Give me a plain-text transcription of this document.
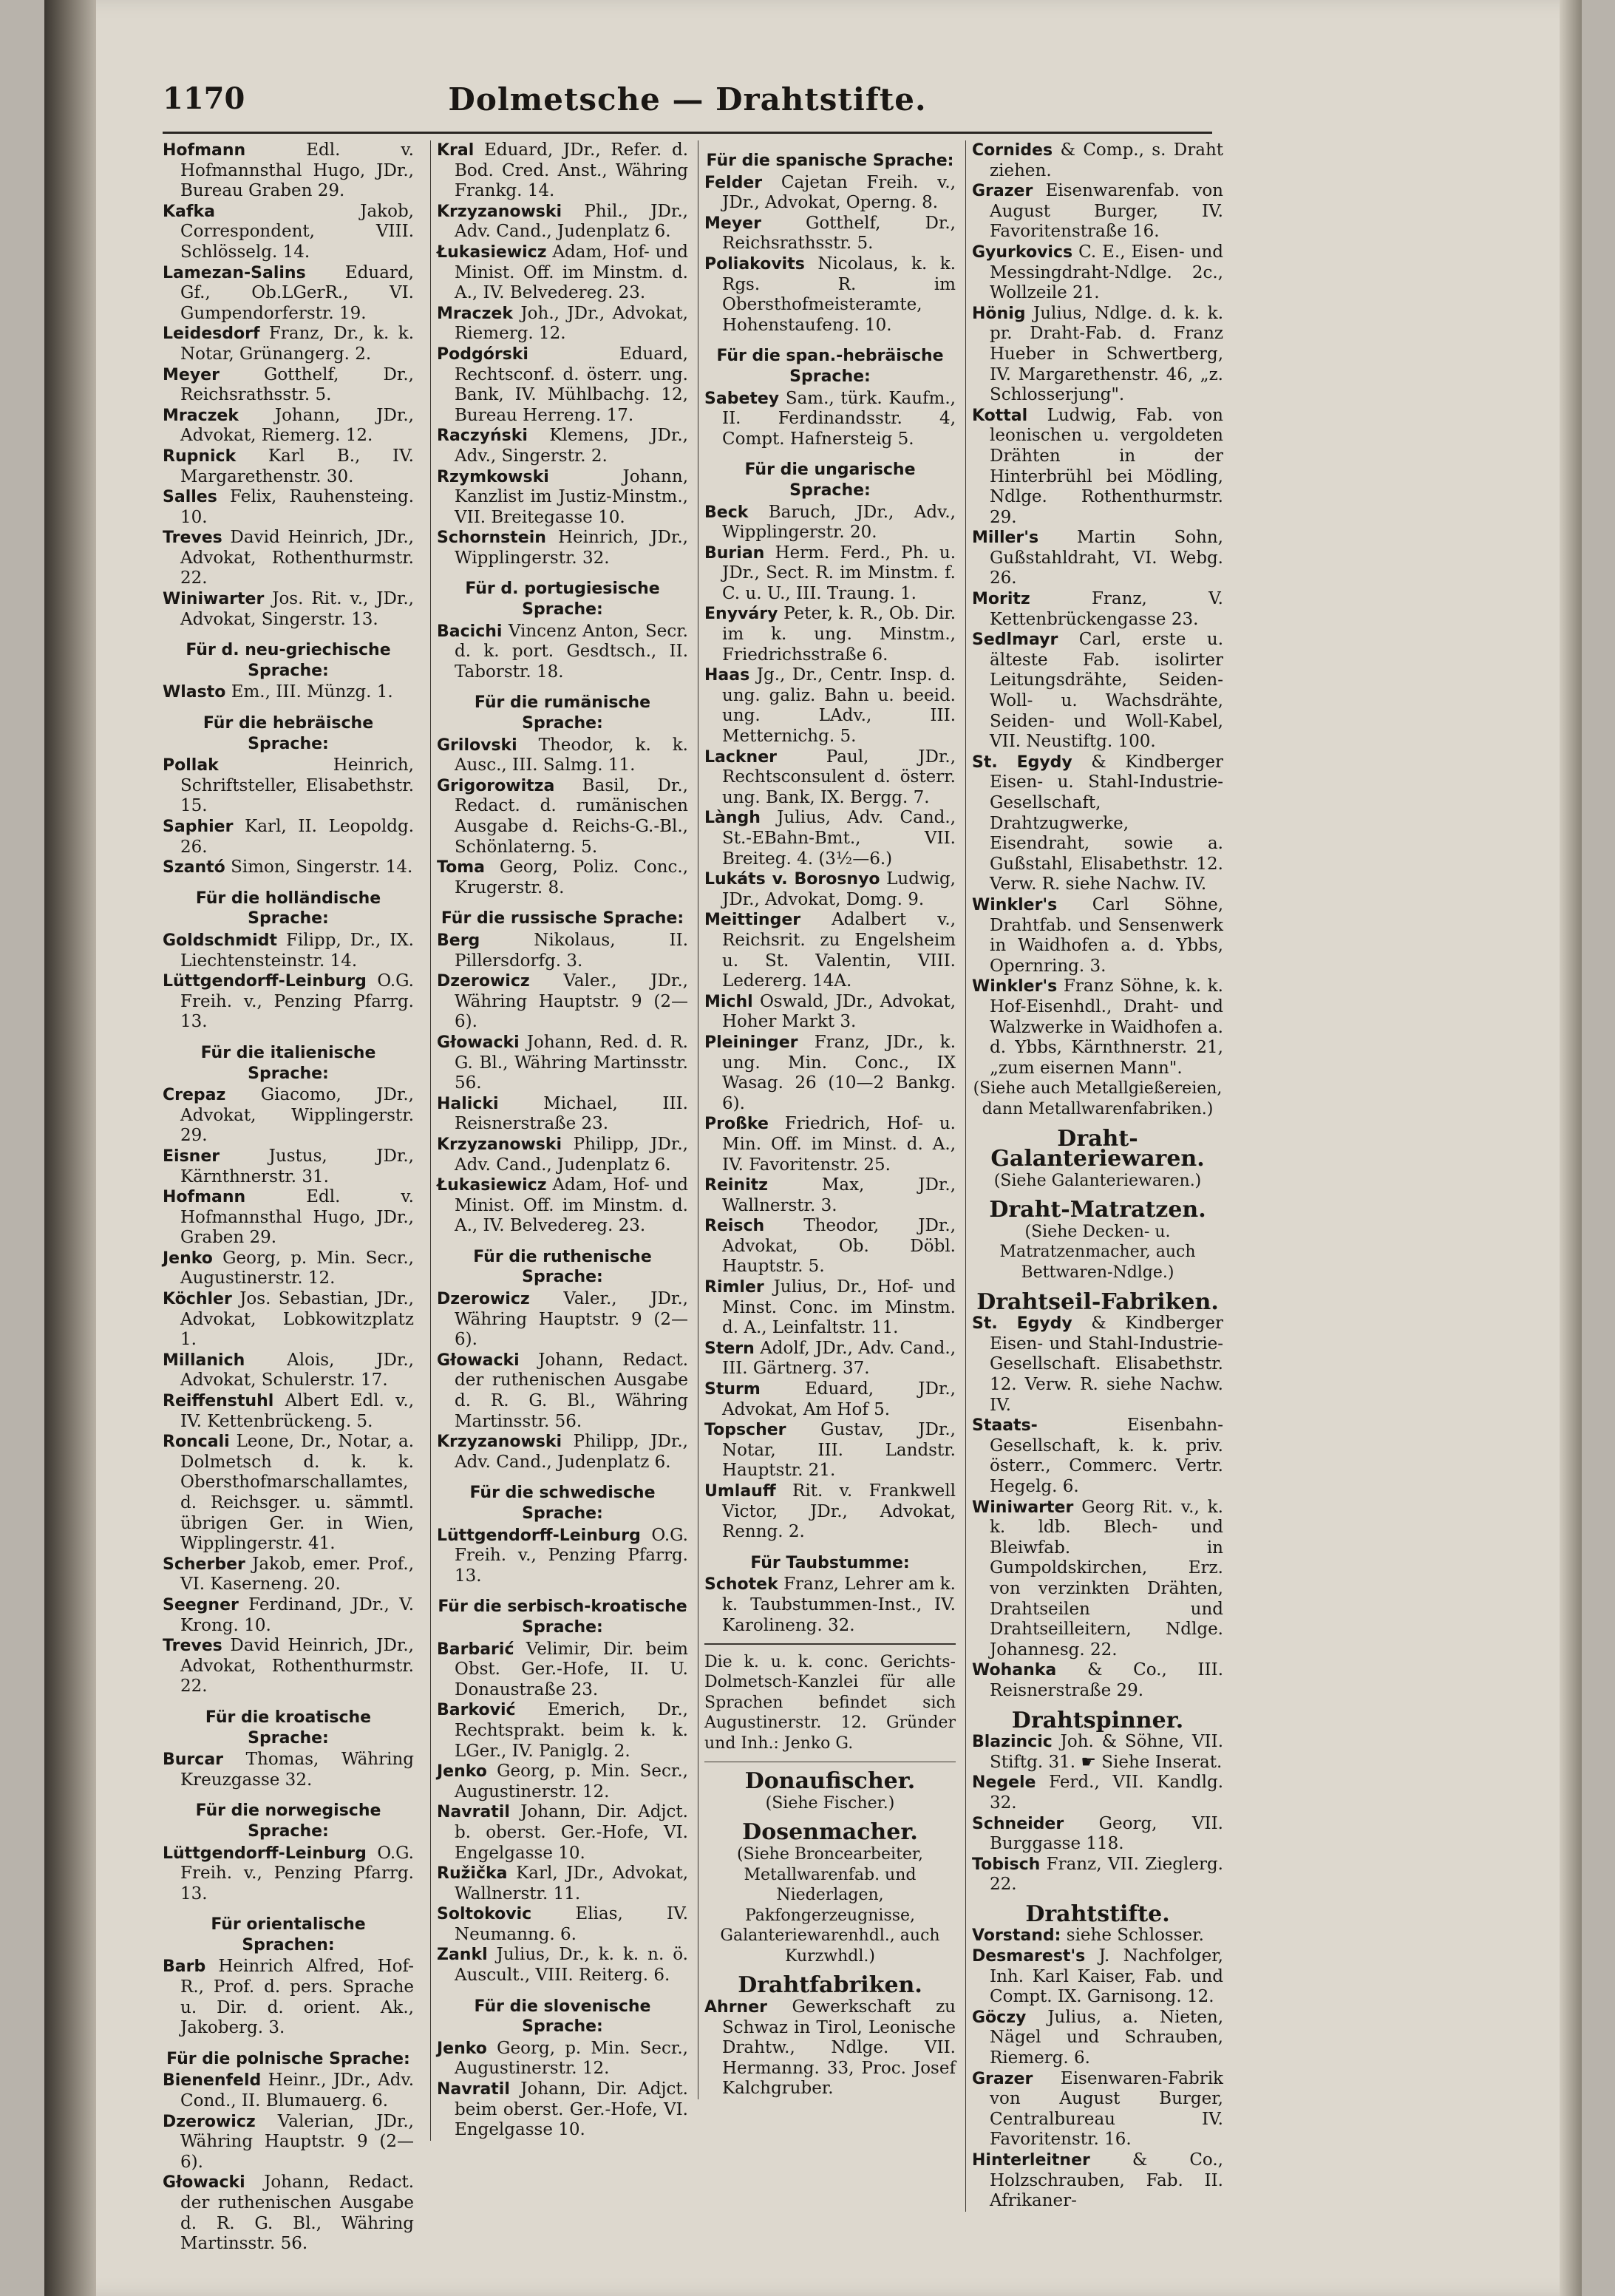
1170	Dolmetsche — Drahtstifte.
Hofmann	Edl. v. Hofmannsthal Hugo, JDr., Bureau Graben 29.
Kafka	Jakob, Correspondent, VIII. Schlösselg. 14.
Lamezan-Salins Eduard, Gf., Ob.LGerR., VI. Gumpendorferstr. 19.
Leidesdorf Franz, Dr., k. k. Notar, Grünangerg. 2.
Meyer	Gotthelf, Dr., Reichsrathsstr. 5.
Mraczek Johann, JDr., Advokat, Riemerg. 12.
Rupnick Karl B., IV. Margarethenstr. 30.
Salles Felix, Rauhensteing. 10.
Treves David Heinrich, JDr., Advokat, Rothenthurmstr. 22.
Winiwarter Jos. Rit. v., JDr., Advokat, Singerstr. 13.
Für d. neu-griechische Sprache:
Wlasto Em., III. Münzg. 1.
Für die hebräische Sprache:
Pollak	Heinrich, Schriftsteller, Elisabethstr. 15.
Saphier Karl, II. Leopoldg. 26.
Szantó Simon, Singerstr. 14.
Für die holländische Sprache:
Goldschmidt Filipp, Dr., IX. Liechtensteinstr. 14.
Lüttgendorff-Leinburg O.G. Freih. v., Penzing Pfarrg. 13.
Für die italienische Sprache:
Crepaz Giacomo, JDr., Advokat, Wipplingerstr. 29.
Eisner	Justus, JDr., Kärnthnerstr. 31.
Hofmann	Edl. v. Hofmannsthal Hugo, JDr., Graben 29.
Jenko Georg, p. Min. Secr., Augustinerstr. 12.
Köchler Jos. Sebastian, JDr., Advokat, Lobkowitzplatz 1.
Millanich Alois, JDr., Advokat, Schulerstr. 17.
Reiffenstuhl Albert Edl. v., IV. Kettenbrückeng. 5.
Roncali Leone, Dr., Notar, a. Dolmetsch d. k. k. Obersthofmarschallamtes, d. Reichsger. u. sämmtl. übrigen Ger. in Wien, Wipplingerstr. 41.
Scherber Jakob, emer. Prof., VI. Kaserneng. 20.
Seegner Ferdinand, JDr., V. Krong. 10.
Treves David Heinrich, JDr., Advokat, Rothenthurmstr. 22.
Für die kroatische Sprache:
Burcar Thomas, Währing Kreuzgasse 32.
Für die norwegische Sprache:
Lüttgendorff-Leinburg O.G. Freih. v., Penzing Pfarrg. 13.
Für orientalische Sprachen:
Barb Heinrich Alfred, Hof-R., Prof. d. pers. Sprache u. Dir. d. orient. Ak., Jakoberg. 3.
Für die polnische Sprache:
Bienenfeld Heinr., JDr., Adv. Cond., II. Blumauerg. 6.
Dzerowicz Valerian, JDr., Währing Hauptstr. 9 (2—6).
Głowacki Johann, Redact. der ruthenischen Ausgabe d. R. G. Bl., Währing Martinsstr. 56.
Kral Eduard, JDr., Refer. d. Bod. Cred. Anst., Währing Frankg. 14.
Krzyzanowski Phil., JDr., Adv. Cand., Judenplatz 6.
Łukasiewicz Adam, Hof- und Minist. Off. im Minstm. d. A., IV. Belvedereg. 23.
Mraczek Joh., JDr., Advokat, Riemerg. 12.
Podgórski	Eduard, Rechtsconf. d. österr. ung. Bank, IV. Mühlbachg. 12, Bureau Herreng. 17.
Raczyński Klemens, JDr., Adv., Singerstr. 2.
Rzymkowski	Johann, Kanzlist im Justiz-Minstm., VII. Breitegasse 10.
Schornstein Heinrich, JDr., Wipplingerstr. 32.
Für d. portugiesische Sprache:
Bacichi Vincenz Anton, Secr. d. k. port. Gesdtsch., II. Taborstr. 18.
Für die rumänische Sprache:
Grilovski Theodor, k. k. Ausc., III. Salmg. 11.
Grigorowitza Basil, Dr., Redact. d. rumänischen Ausgabe d. Reichs-G.-Bl., Schönlaterng. 5.
Toma Georg, Poliz. Conc., Krugerstr. 8.
Für die russische Sprache:
Berg	Nikolaus, II. Pillersdorfg. 3.
Dzerowicz Valer., JDr., Währing Hauptstr. 9 (2—6).
Głowacki Johann, Red. d. R. G. Bl., Währing Martinsstr. 56.
Halicki	Michael, III. Reisnerstraße 23.
Krzyzanowski Philipp, JDr., Adv. Cand., Judenplatz 6.
Łukasiewicz Adam, Hof- und Minist. Off. im Minstm. d. A., IV. Belvedereg. 23.
Für die ruthenische Sprache:
Dzerowicz Valer., JDr., Währing Hauptstr. 9 (2—6).
Głowacki Johann, Redact. der ruthenischen Ausgabe d. R. G. Bl., Währing Martinsstr. 56.
Krzyzanowski Philipp, JDr., Adv. Cand., Judenplatz 6.
Für die schwedische Sprache:
Lüttgendorff-Leinburg O.G. Freih. v., Penzing Pfarrg. 13.
Für die serbisch-kroatische Sprache:
Barbarić Velimir, Dir. beim Obst. Ger.-Hofe, II. U. Donaustraße 23.
Barković Emerich, Dr., Rechtsprakt. beim k. k. LGer., IV. Paniglg. 2.
Jenko Georg, p. Min. Secr., Augustinerstr. 12.
Navratil Johann, Dir. Adjct. b. oberst. Ger.-Hofe, VI. Engelgasse 10.
Ružička Karl, JDr., Advokat, Wallnerstr. 11.
Soltokovic	Elias, IV. Neumanng. 6.
Zankl Julius, Dr., k. k. n. ö. Auscult., VIII. Reiterg. 6.
Für die slovenische Sprache:
Jenko Georg, p. Min. Secr., Augustinerstr. 12.
Navratil Johann, Dir. Adjct. beim oberst. Ger.-Hofe, VI. Engelgasse 10.
Für die spanische Sprache:
Felder Cajetan Freih. v., JDr., Advokat, Operng. 8.
Meyer	Gotthelf, Dr., Reichsrathsstr. 5.
Poliakovits Nicolaus, k. k. Rgs. R. im Obersthofmeisteramte, Hohenstaufeng. 10.
Für die span.-hebräische Sprache:
Sabetey Sam., türk. Kaufm., II. Ferdinandsstr. 4, Compt. Hafnersteig 5.
Für die ungarische Sprache:
Beck Baruch, JDr., Adv., Wipplingerstr. 20.
Burian Herm. Ferd., Ph. u. JDr., Sect. R. im Minstm. f. C. u. U., III. Traung. 1.
Enyváry Peter, k. R., Ob. Dir. im k. ung. Minstm., Friedrichsstraße 6.
Haas Jg., Dr., Centr. Insp. d. ung. galiz. Bahn u. beeid. ung. LAdv., III. Metternichg. 5.
Lackner	Paul, JDr., Rechtsconsulent d. österr. ung. Bank, IX. Bergg. 7.
Làngh Julius, Adv. Cand., St.-EBahn-Bmt., VII. Breiteg. 4. (3½—6.)
Lukáts v. Borosnyo Ludwig, JDr., Advokat, Domg. 9.
Meittinger Adalbert v., Reichsrit. zu Engelsheim u. St. Valentin, VIII. Ledererg. 14A.
Michl Oswald, JDr., Advokat, Hoher Markt 3.
Pleininger Franz, JDr., k. ung. Min. Conc., IX Wasag. 26 (10—2 Bankg. 6).
Proßke Friedrich, Hof- u. Min. Off. im Minst. d. A., IV. Favoritenstr. 25.
Reinitz	Max, JDr., Wallnerstr. 3.
Reisch Theodor, JDr., Advokat, Ob. Döbl. Hauptstr. 5.
Rimler Julius, Dr., Hof- und Minst. Conc. im Minstm. d. A., Leinfaltstr. 11.
Stern Adolf, JDr., Adv. Cand., III. Gärtnerg. 37.
Sturm	Eduard, JDr., Advokat, Am Hof 5.
Topscher Gustav, JDr., Notar, III. Landstr. Hauptstr. 21.
Umlauff Rit. v. Frankwell Victor, JDr., Advokat, Renng. 2.
Für Taubstumme:
Schotek Franz, Lehrer am k. k. Taubstummen-Inst., IV. Karolineng. 32.
Die k. u. k. conc. Gerichts-Dolmetsch-Kanzlei für alle Sprachen befindet sich Augustinerstr. 12. Gründer und Inh.: Jenko G.
Donaufischer.
(Siehe Fischer.)
Dosenmacher.
(Siehe Broncearbeiter, Metallwarenfab. und Niederlagen, Pakfongerzeugnisse, Galanteriewarenhdl., auch Kurzwhdl.)
Drahtfabriken.
Ahrner Gewerkschaft zu Schwaz in Tirol, Leonische Drahtw., Ndlge. VII. Hermanng. 33, Proc. Josef Kalchgruber.
Cornides & Comp., s. Draht ziehen.
Grazer Eisenwarenfab. von August Burger, IV. Favoritenstraße 16.
Gyurkovics C. E., Eisen- und Messingdraht-Ndlge. 2c., Wollzeile 21.
Hönig Julius, Ndlge. d. k. k. pr. Draht-Fab. d. Franz Hueber in Schwertberg, IV. Margarethenstr. 46, „z. Schlosserjung".
Kottal Ludwig, Fab. von leonischen u. vergoldeten Drähten in der Hinterbrühl bei Mödling, Ndlge. Rothenthurmstr. 29.
Miller's Martin Sohn, Gußstahldraht, VI. Webg. 26.
Moritz	Franz, V. Kettenbrückengasse 23.
Sedlmayr Carl, erste u. älteste Fab. isolirter Leitungsdrähte, Seiden- Woll- u. Wachsdrähte, Seiden- und Woll-Kabel, VII. Neustiftg. 100.
St. Egydy & Kindberger Eisen- u. Stahl-Industrie-Gesellschaft, Drahtzugwerke, Eisendraht, sowie a. Gußstahl, Elisabethstr. 12. Verw. R. siehe Nachw. IV.
Winkler's Carl Söhne, Drahtfab. und Sensenwerk in Waidhofen a. d. Ybbs, Opernring. 3.
Winkler's Franz Söhne, k. k. Hof-Eisenhdl., Draht- und Walzwerke in Waidhofen a. d. Ybbs, Kärnthnerstr. 21, „zum eisernen Mann".
(Siehe auch Metallgießereien, dann Metallwarenfabriken.)
Draht-Galanteriewaren.
(Siehe Galanteriewaren.)
Draht-Matratzen.
(Siehe Decken- u. Matratzenmacher, auch Bettwaren-Ndlge.)
Drahtseil-Fabriken.
St. Egydy & Kindberger Eisen- und Stahl-Industrie-Gesellschaft. Elisabethstr. 12. Verw. R. siehe Nachw. IV.
Staats-	Eisenbahn-Gesellschaft, k. k. priv. österr., Commerc. Vertr. Hegelg. 6.
Winiwarter Georg Rit. v., k. k. ldb. Blech- und Bleiwfab. in Gumpoldskirchen, Erz. von verzinkten Drähten, Drahtseilen und Drahtseilleitern, Ndlge. Johannesg. 22.
Wohanka & Co., III. Reisnerstraße 29.
Drahtspinner.
Blazincic Joh. & Söhne, VII. Stiftg. 31. ☛ Siehe Inserat.
Negele Ferd., VII. Kandlg. 32.
Schneider Georg, VII. Burggasse 118.
Tobisch Franz, VII. Zieglerg. 22.
Drahtstifte.
Vorstand: siehe Schlosser.
Desmarest's J. Nachfolger, Inh. Karl Kaiser, Fab. und Compt. IX. Garnisong. 12.
Göczy Julius, a. Nieten, Nägel und Schrauben, Riemerg. 6.
Grazer Eisenwaren-Fabrik von August Burger, Centralbureau IV. Favoritenstr. 16.
Hinterleitner & Co., Holzschrauben, Fab. II. Afrikaner-
